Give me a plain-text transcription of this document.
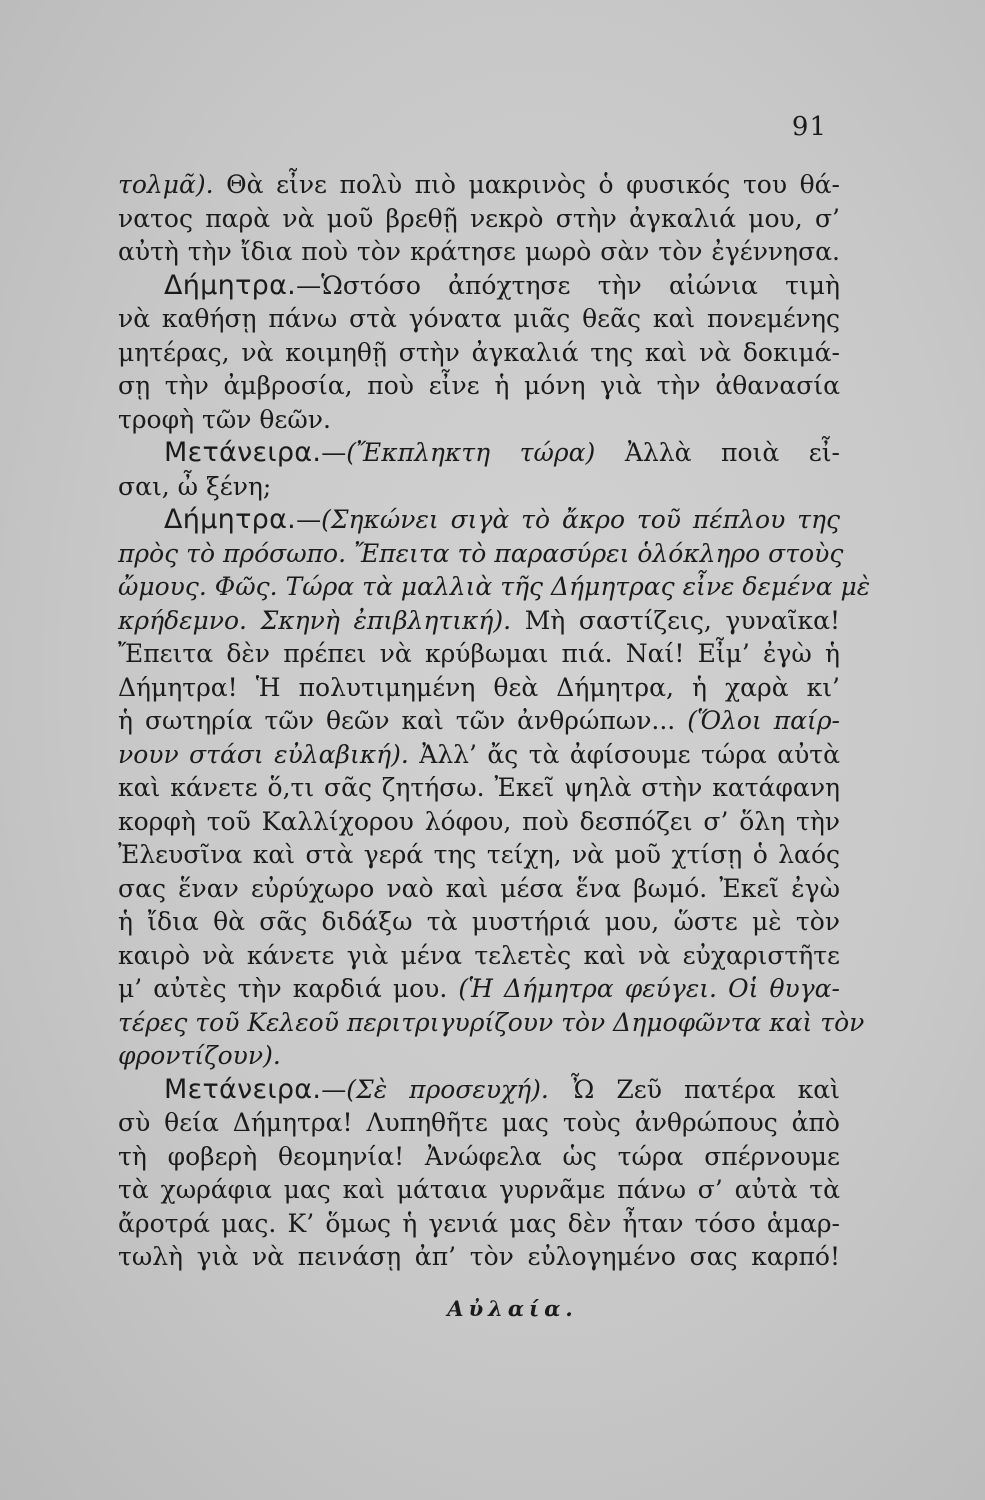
91
τολμᾶ). Θὰ εἶνε πολὺ πιὸ μακρινὸς ὁ φυσικός του θά-
νατος παρὰ νὰ μοῦ βρεθῇ νεκρὸ στὴν ἀγκαλιά μου, σ’
αὐτὴ τὴν ἴδια ποὺ τὸν κράτησε μωρὸ σὰν τὸν ἐγέννησα.
Δήμητρα.—Ὡστόσο ἀπόχτησε τὴν αἰώνια τιμὴ
νὰ καθήσῃ πάνω στὰ γόνατα μιᾶς θεᾶς καὶ πονεμένης
μητέρας, νὰ κοιμηθῇ στὴν ἀγκαλιά της καὶ νὰ δοκιμά-
σῃ τὴν ἀμβροσία, ποὺ εἶνε ἡ μόνη γιὰ τὴν ἀθανασία
τροφὴ τῶν θεῶν.
Μετάνειρα.—(Ἔκπληκτη τώρα) Ἀλλὰ ποιὰ εἶ-
σαι, ὦ ξένη;
Δήμητρα.—(Σηκώνει σιγὰ τὸ ἄκρο τοῦ πέπλου της
πρὸς τὸ πρόσωπο. Ἔπειτα τὸ παρασύρει ὁλόκληρο στοὺς
ὤμους. Φῶς. Τώρα τὰ μαλλιὰ τῆς Δήμητρας εἶνε δεμένα μὲ
κρήδεμνο. Σκηνὴ ἐπιβλητική). Μὴ σαστίζεις, γυναῖκα!
Ἔπειτα δὲν πρέπει νὰ κρύβωμαι πιά. Ναί! Εἶμ’ ἐγὼ ἡ
Δήμητρα! Ἡ πολυτιμημένη θεὰ Δήμητρα, ἡ χαρὰ κι’
ἡ σωτηρία τῶν θεῶν καὶ τῶν ἀνθρώπων... (Ὅλοι παίρ-
νουν στάσι εὐλαβική). Ἀλλ’ ἄς τὰ ἀφίσουμε τώρα αὐτὰ
καὶ κάνετε ὅ,τι σᾶς ζητήσω. Ἐκεῖ ψηλὰ στὴν κατάφανη
κορφὴ τοῦ Καλλίχορου λόφου, ποὺ δεσπόζει σ’ ὅλη τὴν
Ἐλευσῖνα καὶ στὰ γερά της τείχη, νὰ μοῦ χτίσῃ ὁ λαός
σας ἕναν εὐρύχωρο ναὸ καὶ μέσα ἕνα βωμό. Ἐκεῖ ἐγὼ
ἡ ἴδια θὰ σᾶς διδάξω τὰ μυστήριά μου, ὥστε μὲ τὸν
καιρὸ νὰ κάνετε γιὰ μένα τελετὲς καὶ νὰ εὐχαριστῆτε
μ’ αὐτὲς τὴν καρδιά μου. (Ἡ Δήμητρα φεύγει. Οἱ θυγα-
τέρες τοῦ Κελεοῦ περιτριγυρίζουν τὸν Δημοφῶντα καὶ τὸν
φροντίζουν).
Μετάνειρα.—(Σὲ προσευχή). Ὦ Ζεῦ πατέρα καὶ
σὺ θεία Δήμητρα! Λυπηθῆτε μας τοὺς ἀνθρώπους ἀπὸ
τὴ φοβερὴ θεομηνία! Ἀνώφελα ὡς τώρα σπέρνουμε
τὰ χωράφια μας καὶ μάταια γυρνᾶμε πάνω σ’ αὐτὰ τὰ
ἄροτρά μας. Κ’ ὅμως ἡ γενιά μας δὲν ἦταν τόσο ἁμαρ-
τωλὴ γιὰ νὰ πεινάσῃ ἀπ’ τὸν εὐλογημένο σας καρπό!
Αὐλαία.
